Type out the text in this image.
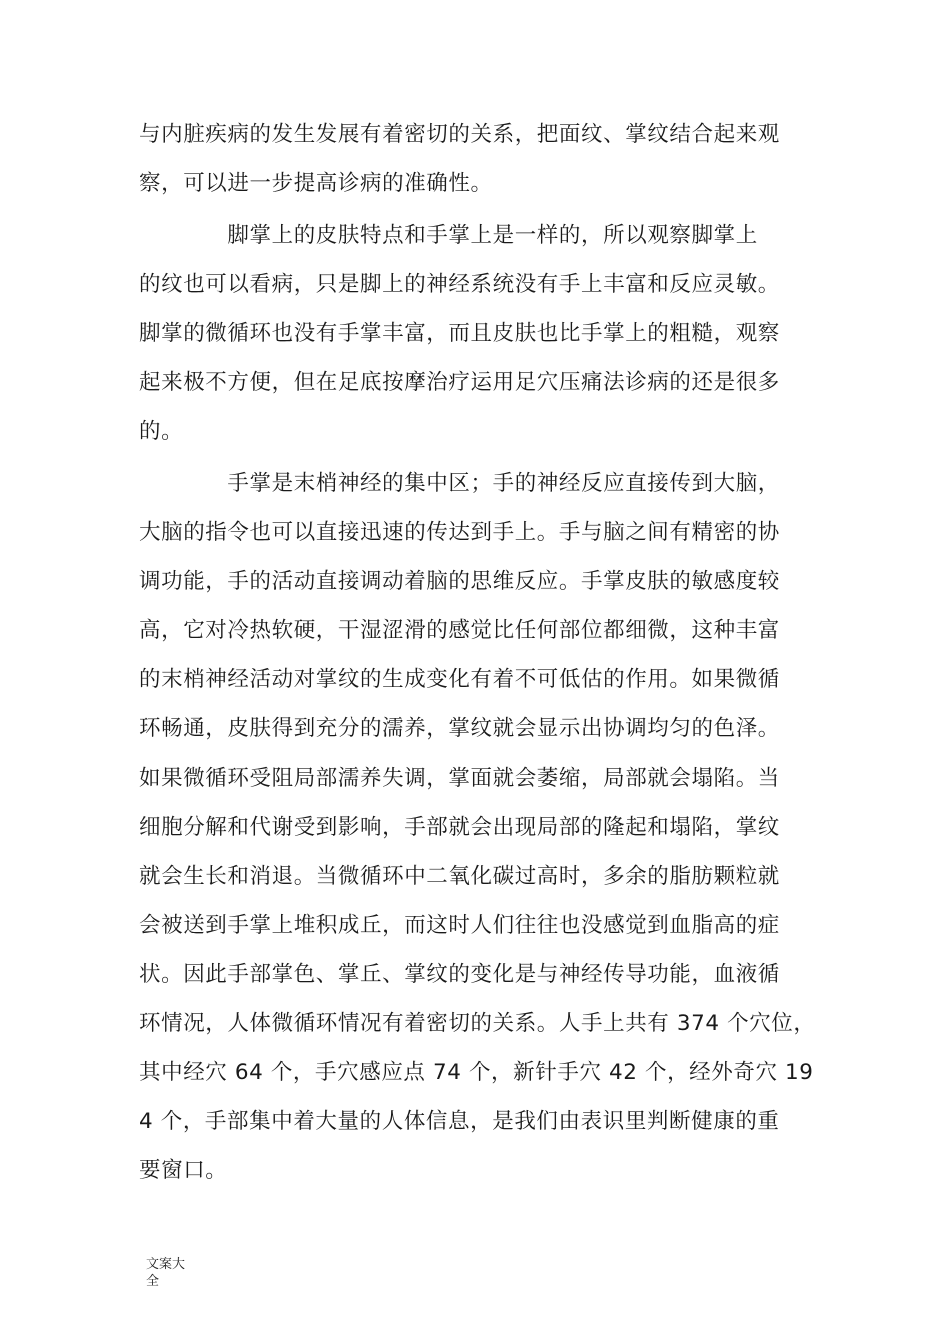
与内脏疾病的发生发展有着密切的关系，把面纹、掌纹结合起来观
察，可以进一步提高诊病的准确性。
　　　　脚掌上的皮肤特点和手掌上是一样的，所以观察脚掌上
的纹也可以看病，只是脚上的神经系统没有手上丰富和反应灵敏。
脚掌的微循环也没有手掌丰富，而且皮肤也比手掌上的粗糙，观察
起来极不方便，但在足底按摩治疗运用足穴压痛法诊病的还是很多
的。
　　　　手掌是末梢神经的集中区；手的神经反应直接传到大脑，
大脑的指令也可以直接迅速的传达到手上。手与脑之间有精密的协
调功能，手的活动直接调动着脑的思维反应。手掌皮肤的敏感度较
高，它对冷热软硬，干湿涩滑的感觉比任何部位都细微，这种丰富
的末梢神经活动对掌纹的生成变化有着不可低估的作用。如果微循
环畅通，皮肤得到充分的濡养，掌纹就会显示出协调均匀的色泽。
如果微循环受阻局部濡养失调，掌面就会萎缩，局部就会塌陷。当
细胞分解和代谢受到影响，手部就会出现局部的隆起和塌陷，掌纹
就会生长和消退。当微循环中二氧化碳过高时，多余的脂肪颗粒就
会被送到手掌上堆积成丘，而这时人们往往也没感觉到血脂高的症
状。因此手部掌色、掌丘、掌纹的变化是与神经传导功能，血液循
环情况，人体微循环情况有着密切的关系。人手上共有 374 个穴位，
其中经穴 64 个，手穴感应点 74 个，新针手穴 42 个，经外奇穴 19
4 个，手部集中着大量的人体信息，是我们由表识里判断健康的重
要窗口。
文案大
全
